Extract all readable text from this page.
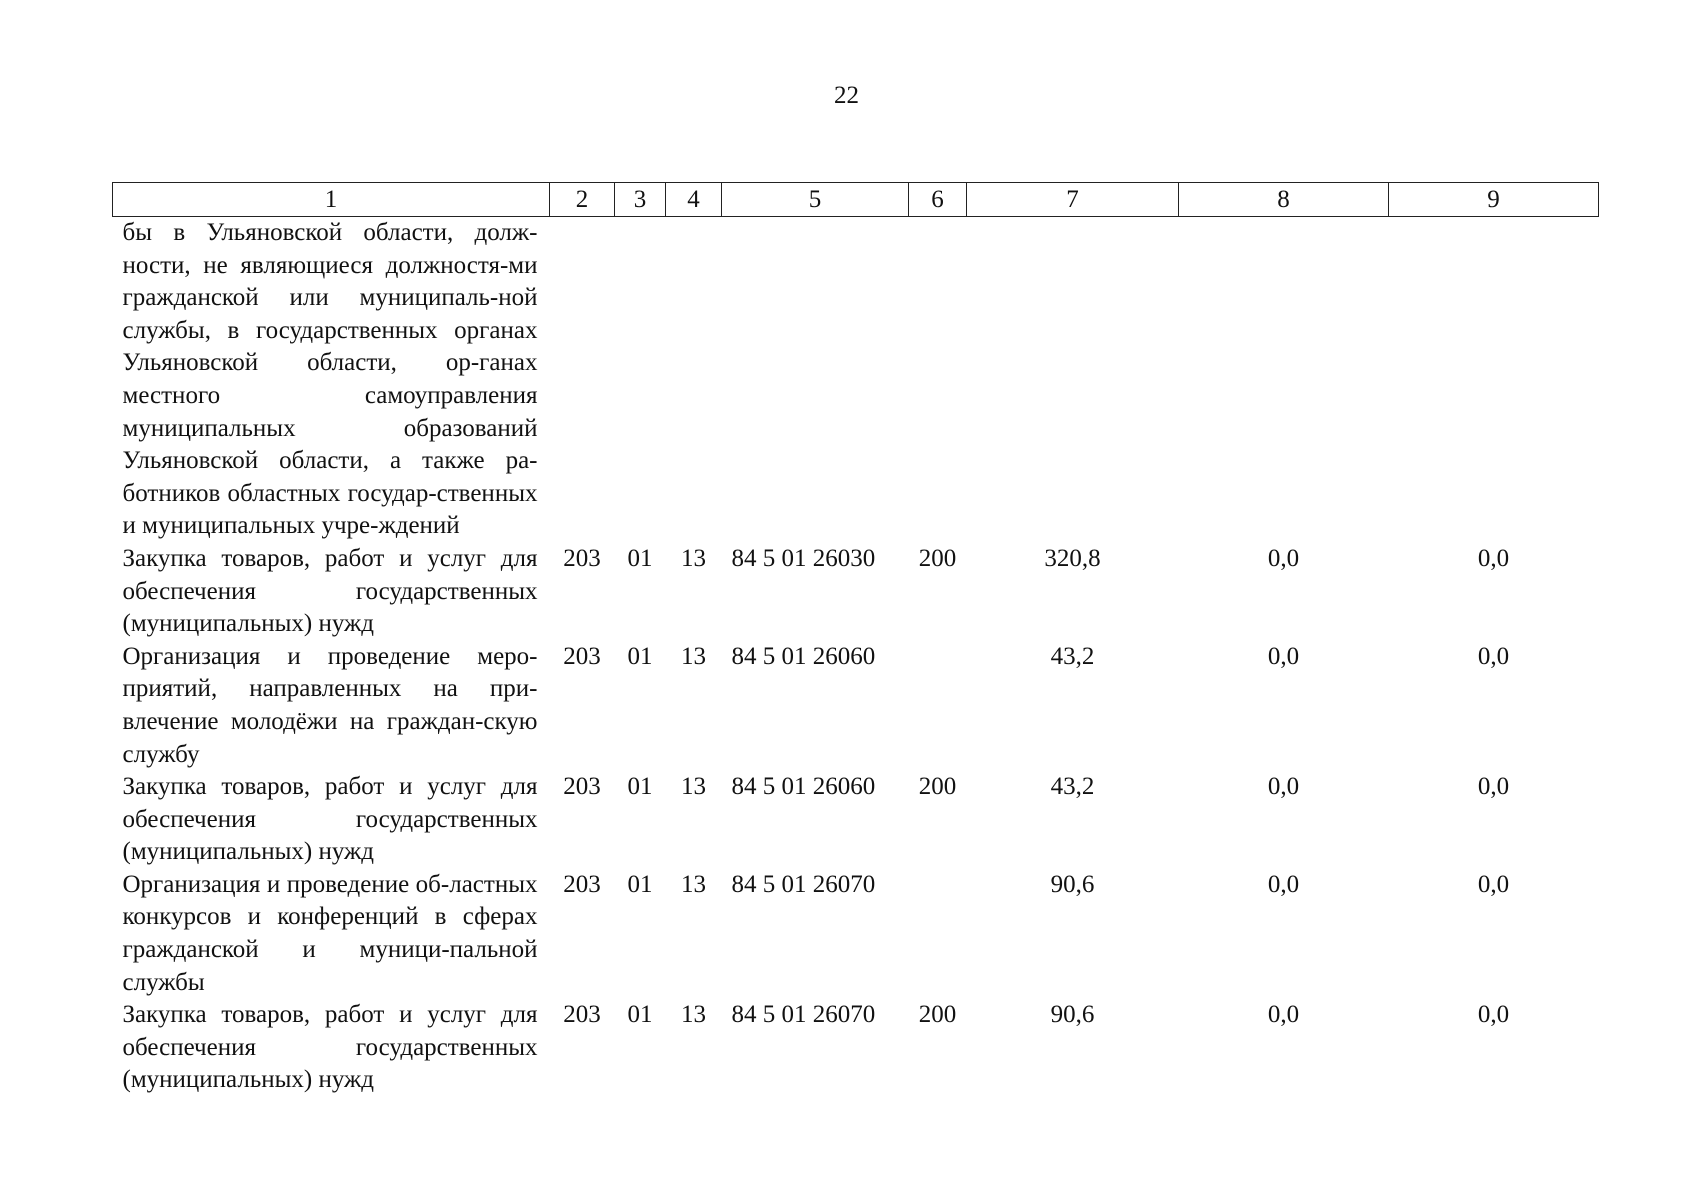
22
1	2	3	4	5	6	7	8	9
бы в Ульяновской области, долж-ности, не являющиеся должностя-ми гражданской или муниципаль-ной службы, в государственных органах Ульяновской области, ор-ганах местного самоуправления муниципальных образований Ульяновской области, а также ра-ботников областных государ-ственных и муниципальных учре-ждений								
Закупка товаров, работ и услуг для обеспечения государственных (муниципальных) нужд	203	01	13	84 5 01 26030	200	320,8	0,0	0,0
Организация и проведение меро-приятий, направленных на при-влечение молодёжи на граждан-скую службу	203	01	13	84 5 01 26060		43,2	0,0	0,0
Закупка товаров, работ и услуг для обеспечения государственных (муниципальных) нужд	203	01	13	84 5 01 26060	200	43,2	0,0	0,0
Организация и проведение об-ластных конкурсов и конференций в сферах гражданской и муници-пальной службы	203	01	13	84 5 01 26070		90,6	0,0	0,0
Закупка товаров, работ и услуг для обеспечения государственных (муниципальных) нужд	203	01	13	84 5 01 26070	200	90,6	0,0	0,0
